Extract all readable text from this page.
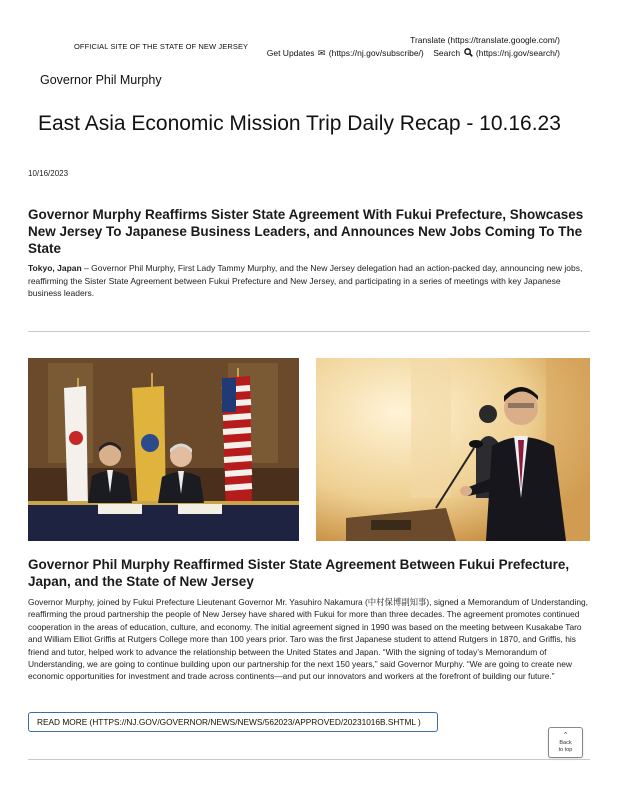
OFFICIAL SITE OF THE STATE OF NEW JERSEY
Translate (https://translate.google.com/)
Get Updates ✉ (https://nj.gov/subscribe/) Search (https://nj.gov/search/)
Governor Phil Murphy
East Asia Economic Mission Trip Daily Recap - 10.16.23
10/16/2023
Governor Murphy Reaffirms Sister State Agreement With Fukui Prefecture, Showcases New Jersey To Japanese Business Leaders, and Announces New Jobs Coming To The State

Tokyo, Japan – Governor Phil Murphy, First Lady Tammy Murphy, and the New Jersey delegation had an action-packed day, announcing new jobs, reaffirming the Sister State Agreement between Fukui Prefecture and New Jersey, and participating in a series of meetings with key Japanese business leaders.

Governor Phil Murphy Reaffirmed Sister State Agreement Between Fukui Prefecture, Japan, and the State of New Jersey

Governor Murphy, joined by Fukui Prefecture Lieutenant Governor Mr. Yasuhiro Nakamura (中村保博副知事), signed a Memorandum of Understanding, reaffirming the proud partnership the people of New Jersey have shared with Fukui for more than three decades. The agreement promotes continued cooperation in the areas of education, culture, and economy. The initial agreement signed in 1990 was based on the meeting between Kusakabe Taro and William Elliot Griffis at Rutgers College more than 100 years prior. Taro was the first Japanese student to attend Rutgers in 1870, and Griffis, his friend and tutor, helped work to advance the relationship between the United States and Japan. “With the signing of today’s Memorandum of Understanding, we are going to continue building upon our partnership for the next 150 years,” said Governor Murphy. “We are going to create new economic opportunities for investment and trade across continents—and put our innovators and workers at the forefront of building our future.”

READ MORE (HTTPS://NJ.GOV/GOVERNOR/NEWS/NEWS/562023/APPROVED/20231016B.SHTML )
⌃
Back
to top
